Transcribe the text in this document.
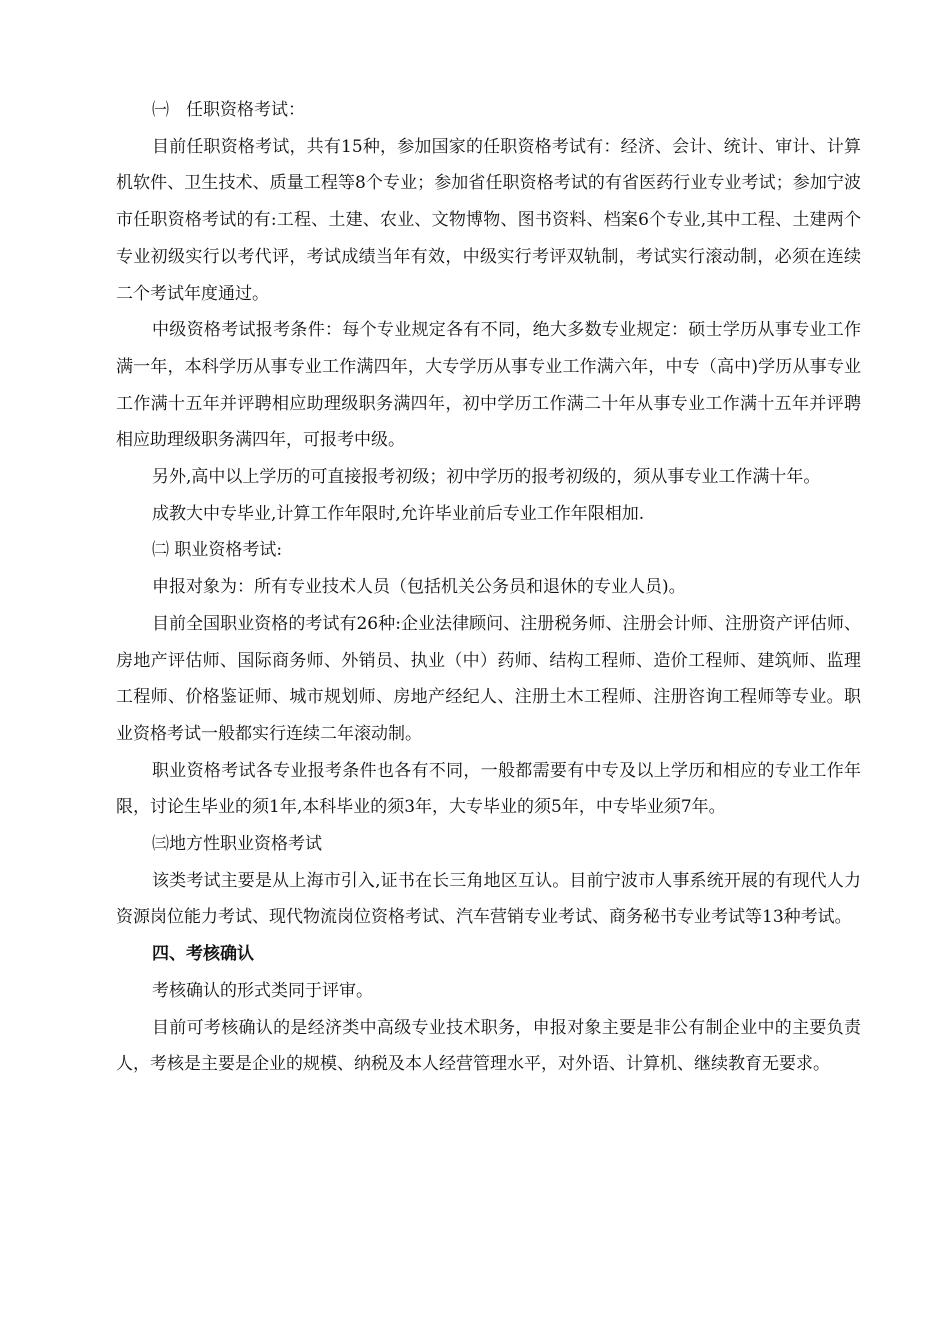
㈠　任职资格考试：

目前任职资格考试，共有15种，参加国家的任职资格考试有：经济、会计、统计、审计、计算机软件、卫生技术、质量工程等8个专业；参加省任职资格考试的有省医药行业专业考试；参加宁波市任职资格考试的有:工程、土建、农业、文物博物、图书资料、档案6个专业,其中工程、土建两个专业初级实行以考代评，考试成绩当年有效，中级实行考评双轨制，考试实行滚动制，必须在连续二个考试年度通过。

中级资格考试报考条件：每个专业规定各有不同，绝大多数专业规定：硕士学历从事专业工作满一年，本科学历从事专业工作满四年，大专学历从事专业工作满六年，中专（高中)学历从事专业工作满十五年并评聘相应助理级职务满四年，初中学历工作满二十年从事专业工作满十五年并评聘相应助理级职务满四年，可报考中级。

另外,高中以上学历的可直接报考初级；初中学历的报考初级的，须从事专业工作满十年。

成教大中专毕业,计算工作年限时,允许毕业前后专业工作年限相加.

㈡ 职业资格考试:

申报对象为：所有专业技术人员（包括机关公务员和退休的专业人员)。

目前全国职业资格的考试有26种:企业法律顾问、注册税务师、注册会计师、注册资产评估师、房地产评估师、国际商务师、外销员、执业（中）药师、结构工程师、造价工程师、建筑师、监理工程师、价格鉴证师、城市规划师、房地产经纪人、注册土木工程师、注册咨询工程师等专业。职业资格考试一般都实行连续二年滚动制。

职业资格考试各专业报考条件也各有不同，一般都需要有中专及以上学历和相应的专业工作年限，讨论生毕业的须1年,本科毕业的须3年，大专毕业的须5年，中专毕业须7年。

㈢地方性职业资格考试

该类考试主要是从上海市引入,证书在长三角地区互认。目前宁波市人事系统开展的有现代人力资源岗位能力考试、现代物流岗位资格考试、汽车营销专业考试、商务秘书专业考试等13种考试。

四、考核确认

考核确认的形式类同于评审。

目前可考核确认的是经济类中高级专业技术职务，申报对象主要是非公有制企业中的主要负责人，考核是主要是企业的规模、纳税及本人经营管理水平，对外语、计算机、继续教育无要求。
